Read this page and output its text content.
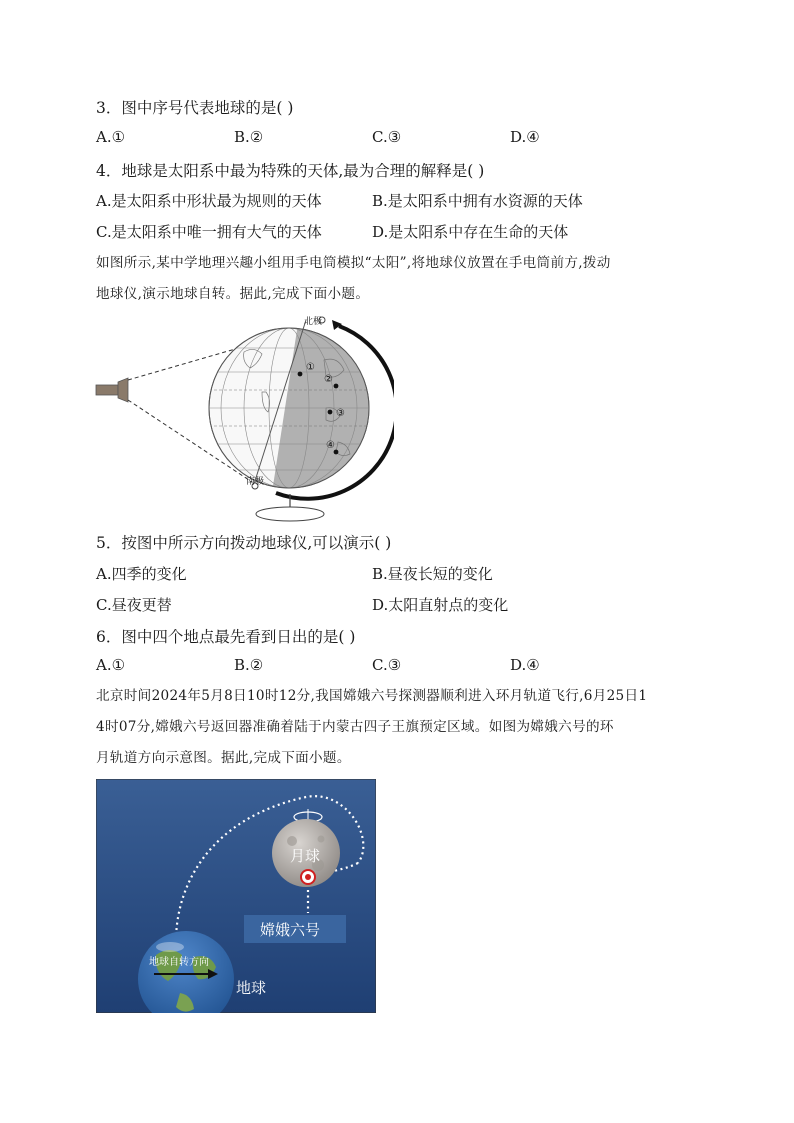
3．图中序号代表地球的是( )
A.①	B.②	C.③	D.④
4．地球是太阳系中最为特殊的天体,最为合理的解释是( )
A.是太阳系中形状最为规则的天体	B.是太阳系中拥有水资源的天体
C.是太阳系中唯一拥有大气的天体	D.是太阳系中存在生命的天体
如图所示,某中学地理兴趣小组用手电筒模拟“太阳”,将地球仪放置在手电筒前方,拨动
地球仪,演示地球自转。据此,完成下面小题。
①
②
③
④
北极
南极
5．按图中所示方向拨动地球仪,可以演示( )
A.四季的变化	B.昼夜长短的变化
C.昼夜更替	D.太阳直射点的变化
6．图中四个地点最先看到日出的是( )
A.①	B.②	C.③	D.④
北京时间2024年5月8日10时12分,我国嫦娥六号探测器顺利进入环月轨道飞行,6月25日1
4时07分,嫦娥六号返回器准确着陆于内蒙古四子王旗预定区域。如图为嫦娥六号的环
月轨道方向示意图。据此,完成下面小题。
月球
嫦娥六号
地球自转方向
地球
